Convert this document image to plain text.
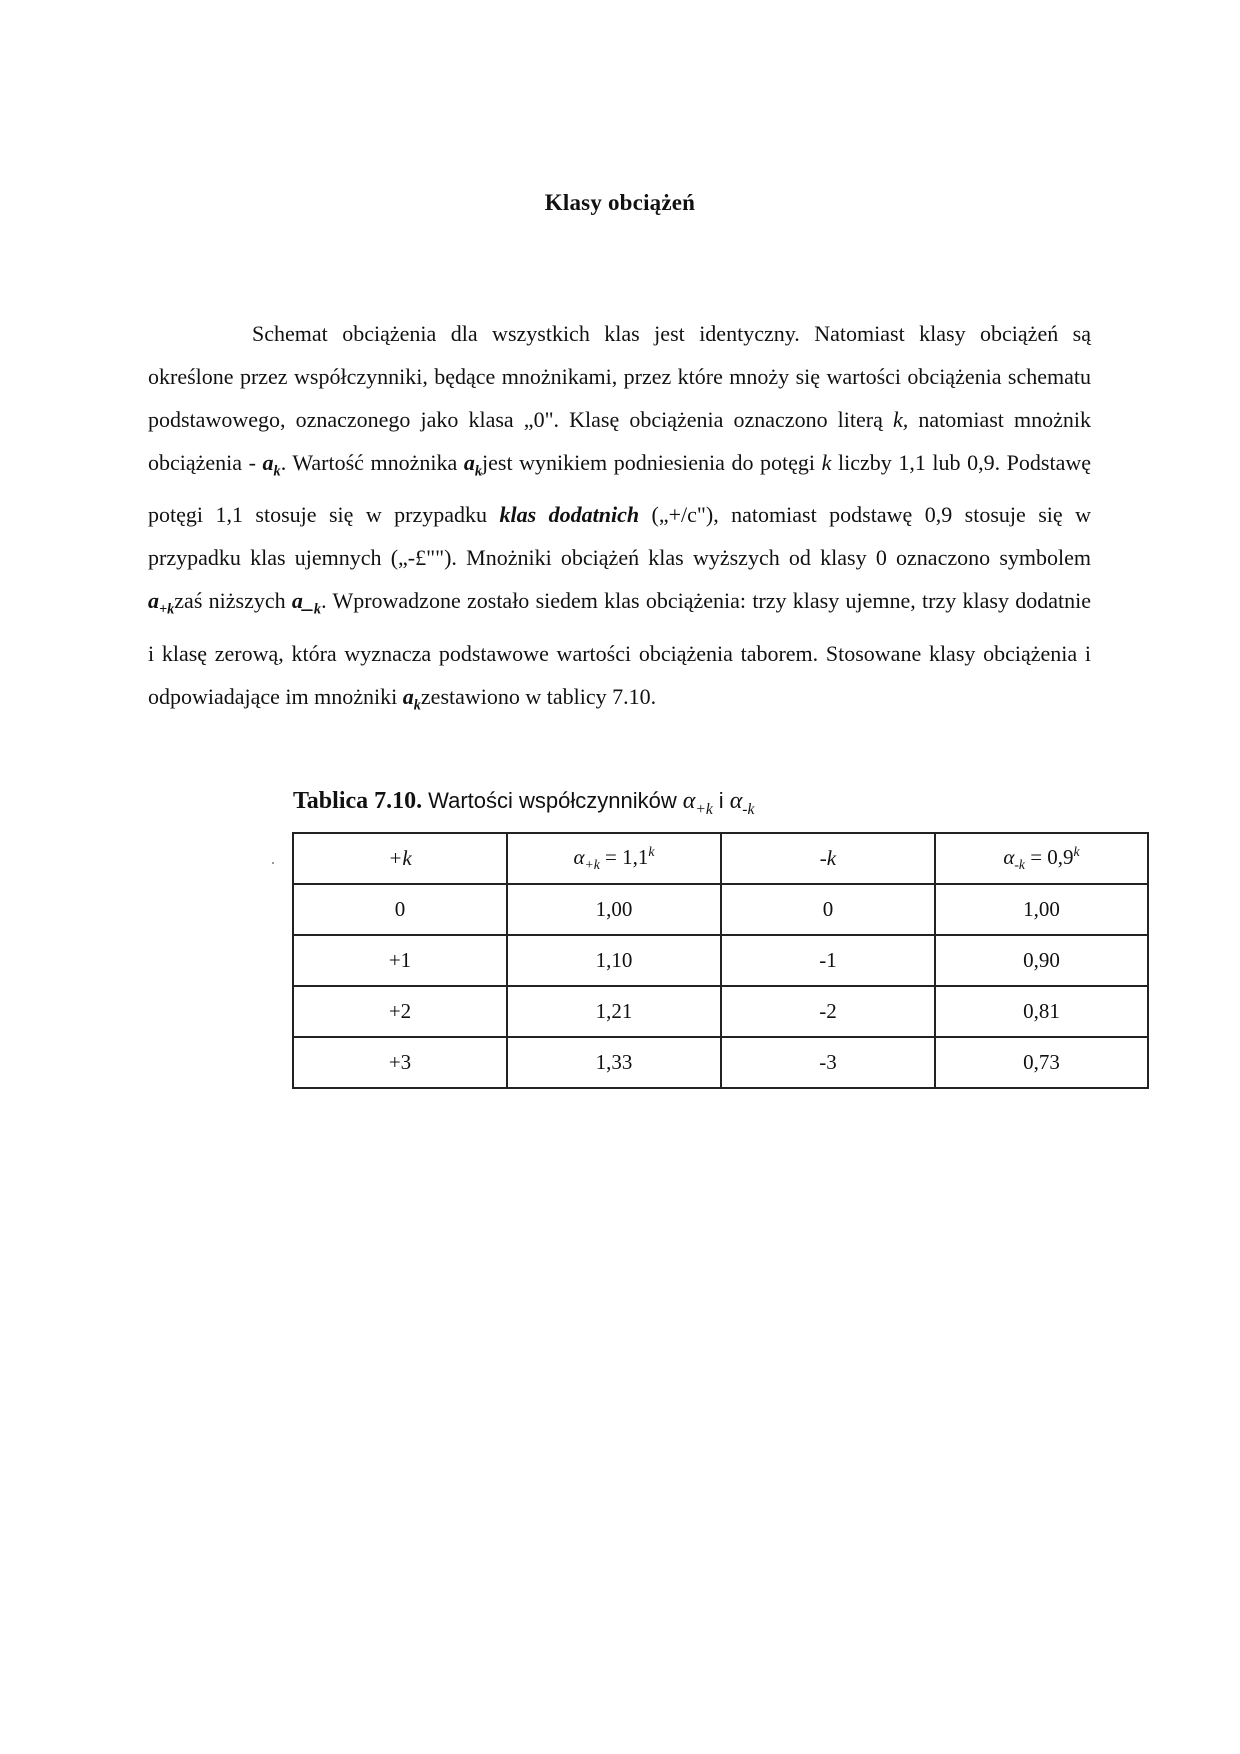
Klasy obciążeń

Schemat obciążenia dla wszystkich klas jest identyczny. Natomiast klasy obciążeń są określone przez współczynniki, będące mnożnikami, przez które mnoży się wartości obciążenia schematu podstawowego, oznaczonego jako klasa „0". Klasę obciążenia oznaczono literą k, natomiast mnożnik obciążenia - $a_k$. Wartość mnożnika $a_kjest$ wynikiem podniesienia do potęgi k liczby 1,1 lub 0,9. Podstawę potęgi 1,1 stosuje się w przypadku klas dodatnich („+/c"), natomiast podstawę 0,9 stosuje się w przypadku klas ujemnych („-£""). Mnożniki obciążeń klas wyższych od klasy 0 oznaczono symbolem $a_{+k}zaś$ niższych $a\__k$. Wprowadzone zostało siedem klas obciążenia: trzy klasy ujemne, trzy klasy dodatnie i klasę zerową, która wyznacza podstawowe wartości obciążenia taborem. Stosowane klasy obciążenia i odpowiadające im mnożniki $a_kzestawiono$ w tablicy 7.10.

Tablica 7.10. Wartości współczynników $\alpha_{+k}$ i $\alpha_{-k}$
+k	$\alpha_{+k} = 1,1^k$	-k	$\alpha_{-k} = 0,9^k$
0	1,00	0	1,00
+1	1,10	-1	0,90
+2	1,21	-2	0,81
+3	1,33	-3	0,73
